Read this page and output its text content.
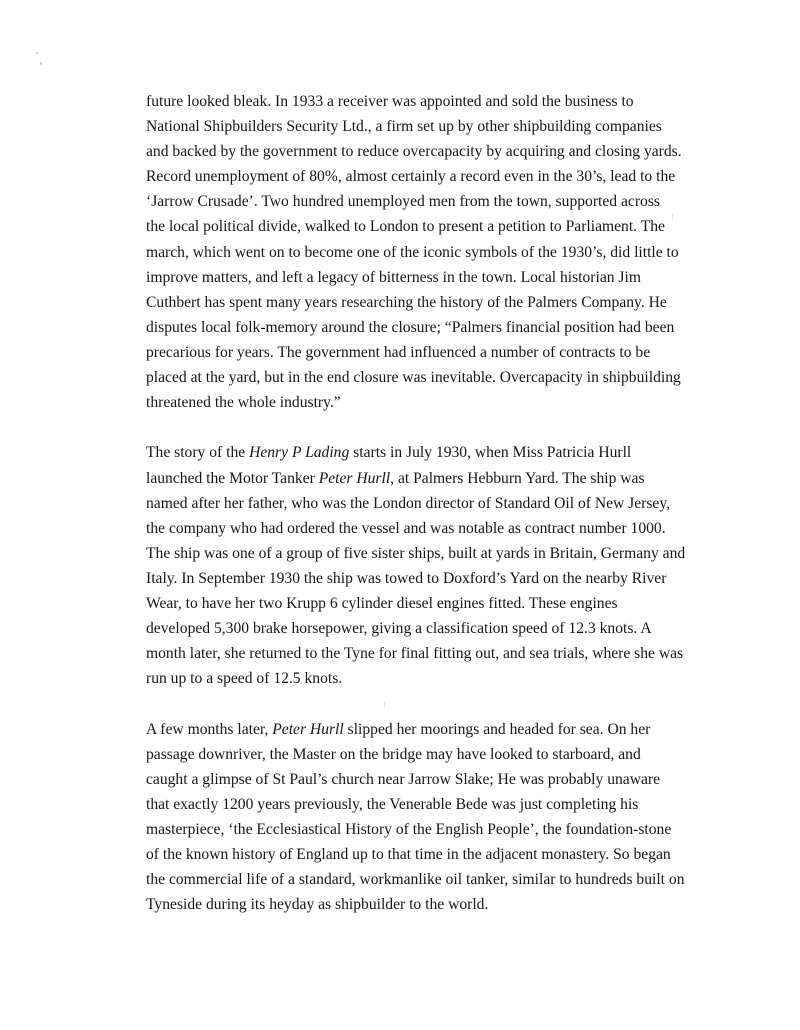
future looked bleak. In 1933 a receiver was appointed and sold the business to
National Shipbuilders Security Ltd., a firm set up by other shipbuilding companies
and backed by the government to reduce overcapacity by acquiring and closing yards.
Record unemployment of 80%, almost certainly a record even in the 30’s, lead to the
‘Jarrow Crusade’. Two hundred unemployed men from the town, supported across
the local political divide, walked to London to present a petition to Parliament. The
march, which went on to become one of the iconic symbols of the 1930’s, did little to
improve matters, and left a legacy of bitterness in the town. Local historian Jim
Cuthbert has spent many years researching the history of the Palmers Company. He
disputes local folk-memory around the closure; “Palmers financial position had been
precarious for years. The government had influenced a number of contracts to be
placed at the yard, but in the end closure was inevitable. Overcapacity in shipbuilding
threatened the whole industry.”
The story of the Henry P Lading starts in July 1930, when Miss Patricia Hurll
launched the Motor Tanker Peter Hurll, at Palmers Hebburn Yard. The ship was
named after her father, who was the London director of Standard Oil of New Jersey,
the company who had ordered the vessel and was notable as contract number 1000.
The ship was one of a group of five sister ships, built at yards in Britain, Germany and
Italy. In September 1930 the ship was towed to Doxford’s Yard on the nearby River
Wear, to have her two Krupp 6 cylinder diesel engines fitted. These engines
developed 5,300 brake horsepower, giving a classification speed of 12.3 knots. A
month later, she returned to the Tyne for final fitting out, and sea trials, where she was
run up to a speed of 12.5 knots.
A few months later, Peter Hurll slipped her moorings and headed for sea. On her
passage downriver, the Master on the bridge may have looked to starboard, and
caught a glimpse of St Paul’s church near Jarrow Slake; He was probably unaware
that exactly 1200 years previously, the Venerable Bede was just completing his
masterpiece, ‘the Ecclesiastical History of the English People’, the foundation-stone
of the known history of England up to that time in the adjacent monastery. So began
the commercial life of a standard, workmanlike oil tanker, similar to hundreds built on
Tyneside during its heyday as shipbuilder to the world.
